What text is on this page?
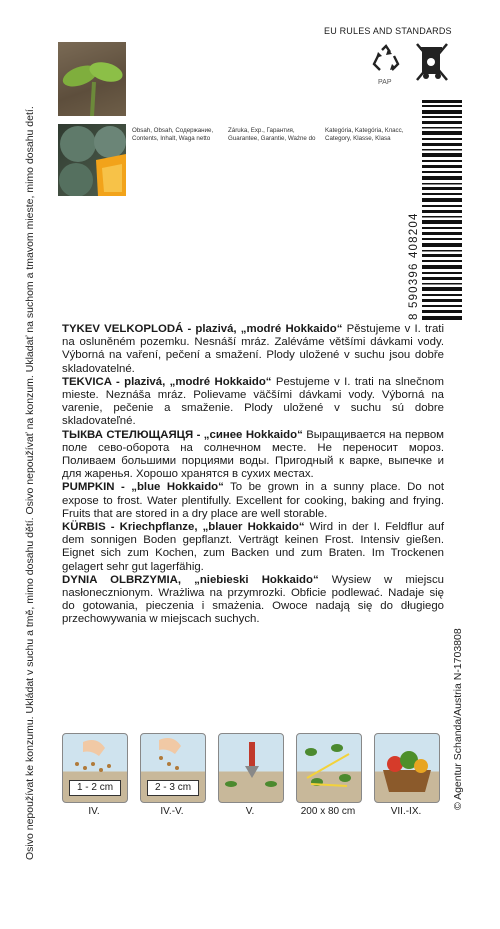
Osivo nepoužívat ke konzumu. Ukládat v suchu a tmě, mimo dosahu dětí. Osivo nepoužívať na konzum. Ukladať na suchom a tmavom mieste, mimo dosahu detí.	© Agentur Schanda/Austria N-1703808
EU RULES AND STANDARDS
PAP
Obsah, Obsah, Содержание,
Contents, Inhalt, Waga netto
Záruka, Exp., Гарантия,
Guarantee, Garantie, Ważne do
Kategória, Kategória, Класс,
Category, Klasse, Klasa
8 590396 408204

TYKEV VELKOPLODÁ - plazivá, „modré Hokkaido“ Pěstujeme v I. trati na osluněném pozemku. Nesnáší mráz. Zaléváme většími dávkami vody. Výborná na vaření, pečení a smažení. Plody uložené v suchu jsou dobře skladovatelné.

TEKVICA - plazivá, „modré Hokkaido“ Pestujeme v I. trati na slnečnom mieste. Neznáša mráz. Polievame väčšími dávkami vody. Výborná na varenie, pečenie a smaženie. Plody uložené v suchu sú dobre skladovateľné.

ТЫКВА СТЕЛЮЩАЯЦЯ - „синее Hokkaido“ Выращивается на первом поле сево-оборота на солнечном месте. Не переносит мороз. Поливаем большими порциями воды. Пригодный к варке, выпечке и для жаренья. Хорошо хранятся в сухих местах.

PUMPKIN - „blue Hokkaido“ To be grown in a sunny place. Do not expose to frost. Water plentifully. Excellent for cooking, baking and frying. Fruits that are stored in a dry place are well storable.

KÜRBIS - Kriechpflanze, „blauer Hokkaido“ Wird in der I. Feldflur auf dem sonnigen Boden gepflanzt. Verträgt keinen Frost. Intensiv gießen. Eignet sich zum Kochen, zum Backen und zum Braten. Im Trockenen gelagert sehr gut lagerfähig.

DYNIA OLBRZYMIA, „niebieski Hokkaido“ Wysiew w miejscu nasłonecznionym. Wrażliwa na przymrozki. Obficie podlewać. Nadaje się do gotowania, pieczenia i smażenia. Owoce nadają się do długiego przechowywania w miejscach suchych.

1 - 2 cm	2 - 3 cm
IV.	IV.-V.	V.	200 x 80 cm	VII.-IX.
